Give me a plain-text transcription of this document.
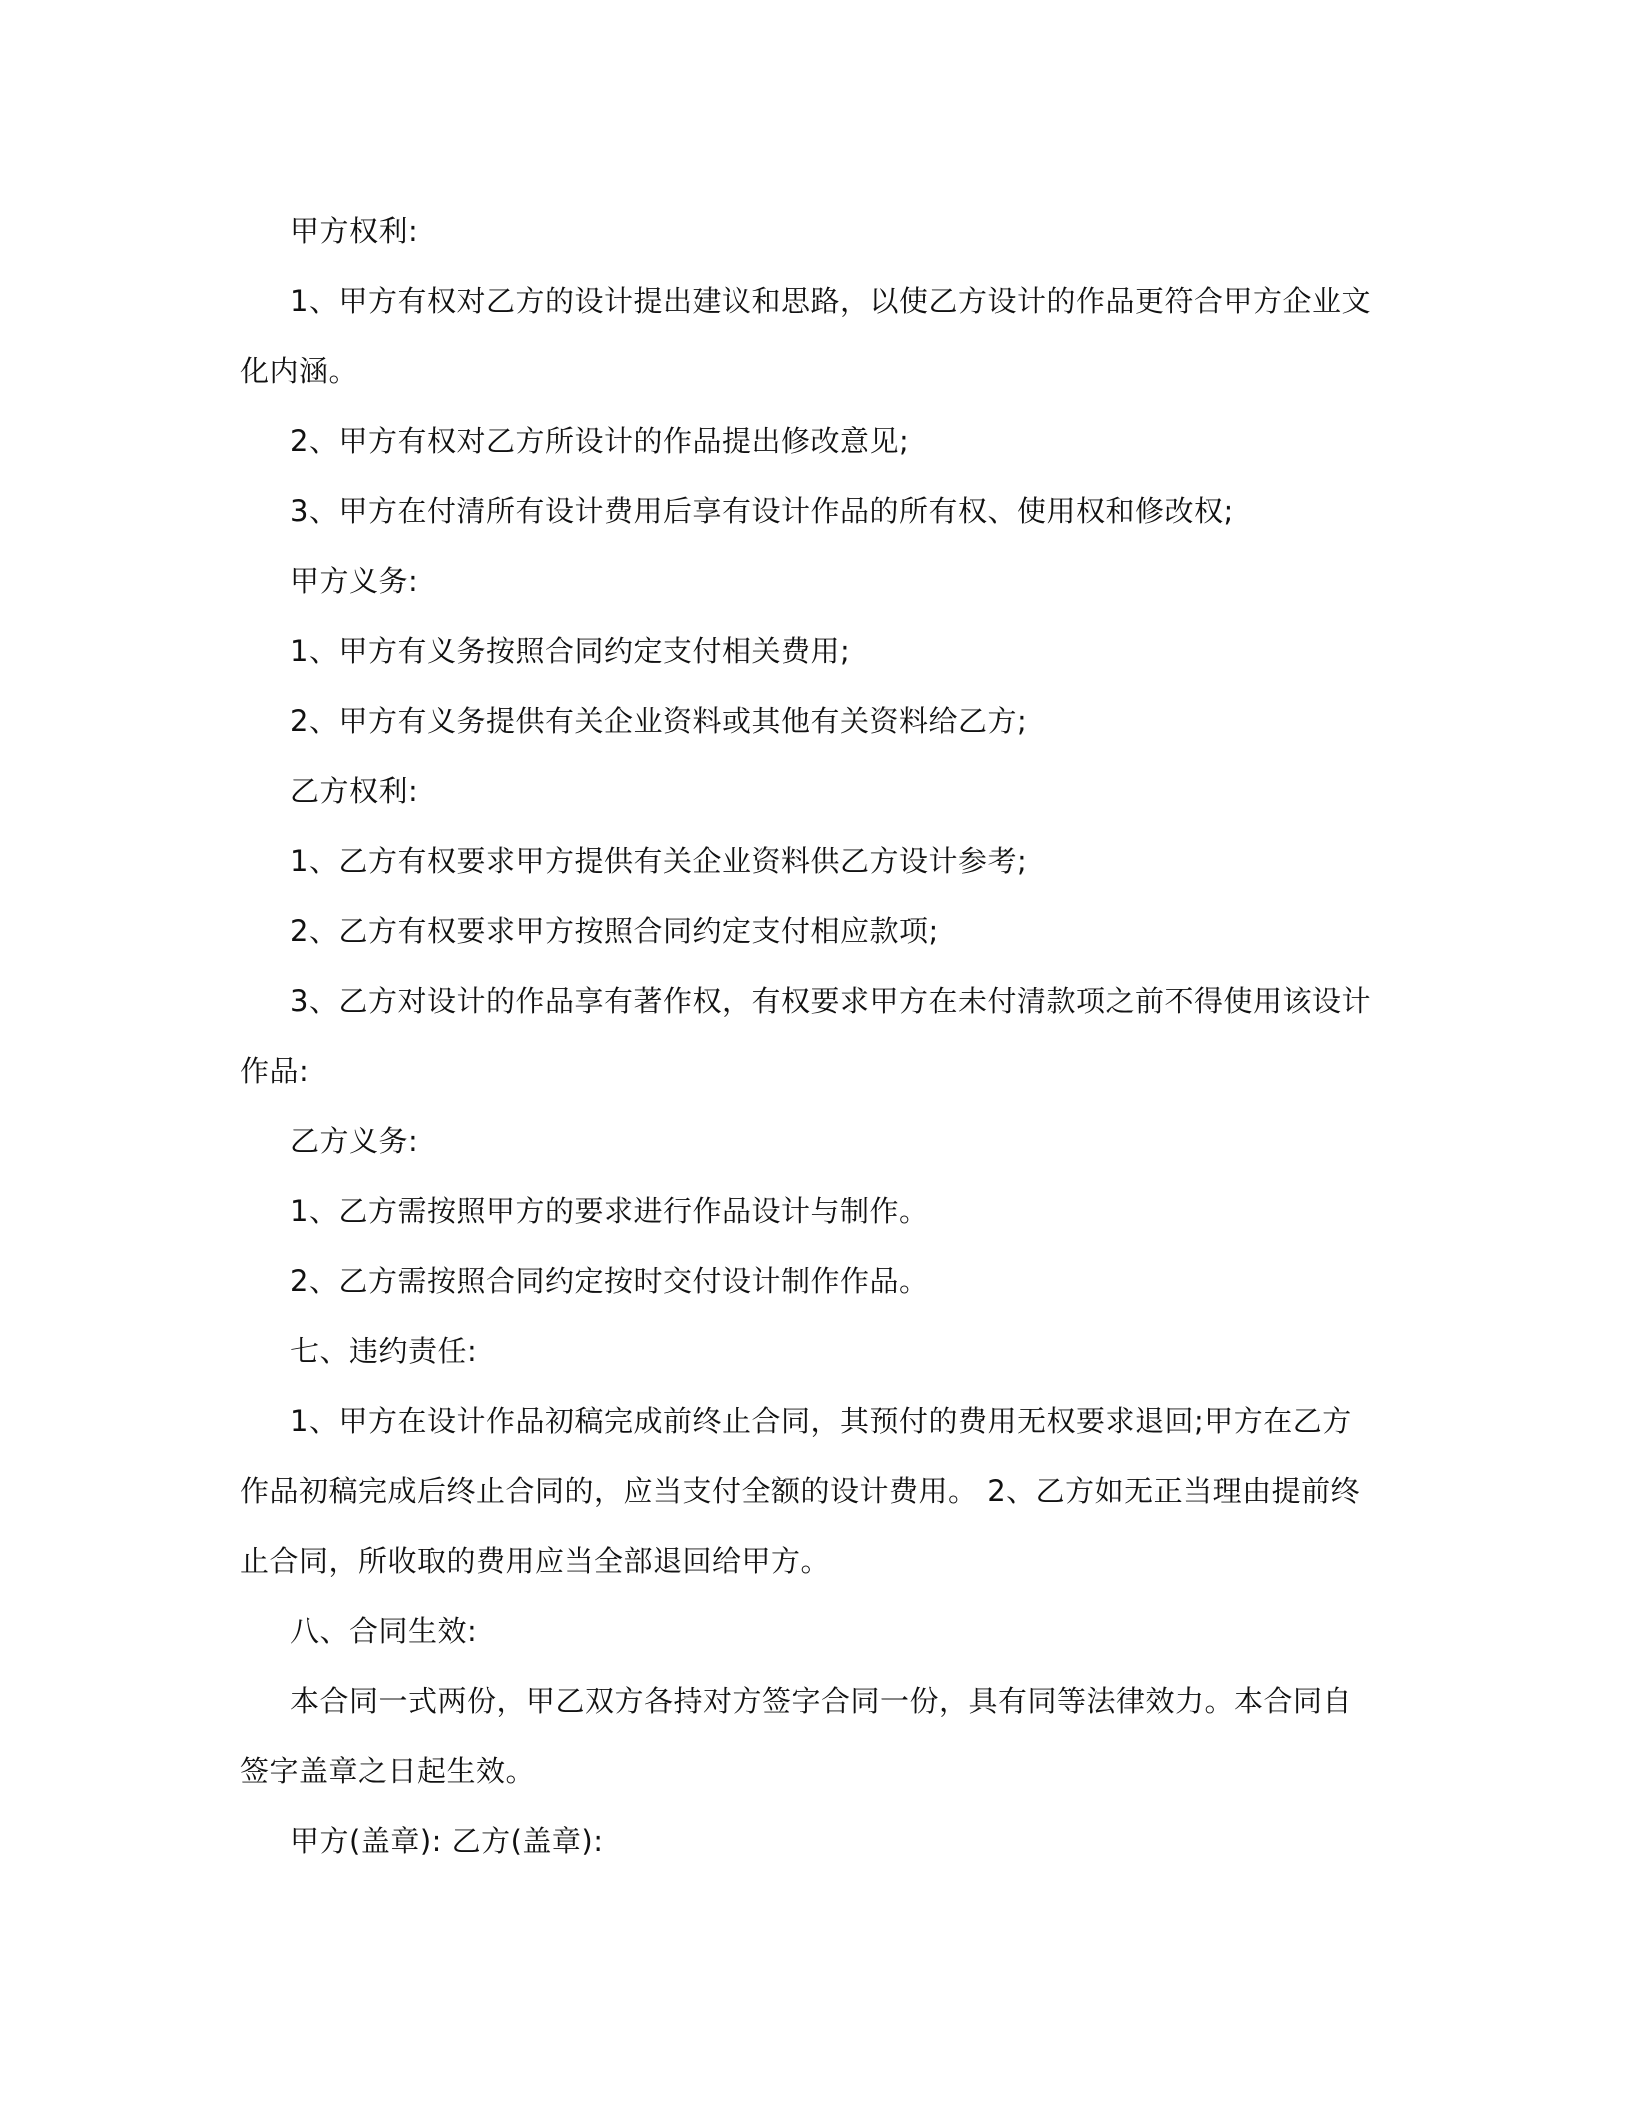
甲方权利:

1、甲方有权对乙方的设计提出建议和思路，以使乙方设计的作品更符合甲方企业文化内涵。

2、甲方有权对乙方所设计的作品提出修改意见;

3、甲方在付清所有设计费用后享有设计作品的所有权、使用权和修改权;

甲方义务:

1、甲方有义务按照合同约定支付相关费用;

2、甲方有义务提供有关企业资料或其他有关资料给乙方;

乙方权利:

1、乙方有权要求甲方提供有关企业资料供乙方设计参考;

2、乙方有权要求甲方按照合同约定支付相应款项;

3、乙方对设计的作品享有著作权，有权要求甲方在未付清款项之前不得使用该设计作品:

乙方义务:

1、乙方需按照甲方的要求进行作品设计与制作。

2、乙方需按照合同约定按时交付设计制作作品。

七、违约责任:

1、甲方在设计作品初稿完成前终止合同，其预付的费用无权要求退回;甲方在乙方作品初稿完成后终止合同的，应当支付全额的设计费用。 2、乙方如无正当理由提前终止合同，所收取的费用应当全部退回给甲方。

八、合同生效:

本合同一式两份，甲乙双方各持对方签字合同一份，具有同等法律效力。本合同自签字盖章之日起生效。

甲方(盖章): 乙方(盖章):
